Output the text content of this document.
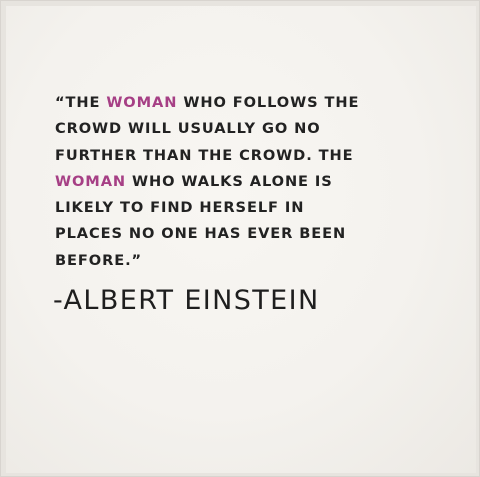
“THE WOMAN WHO FOLLOWS THE
CROWD WILL USUALLY GO NO
FURTHER THAN THE CROWD. THE
WOMAN WHO WALKS ALONE IS
LIKELY TO FIND HERSELF IN
PLACES NO ONE HAS EVER BEEN
BEFORE.”
-ALBERT EINSTEIN
